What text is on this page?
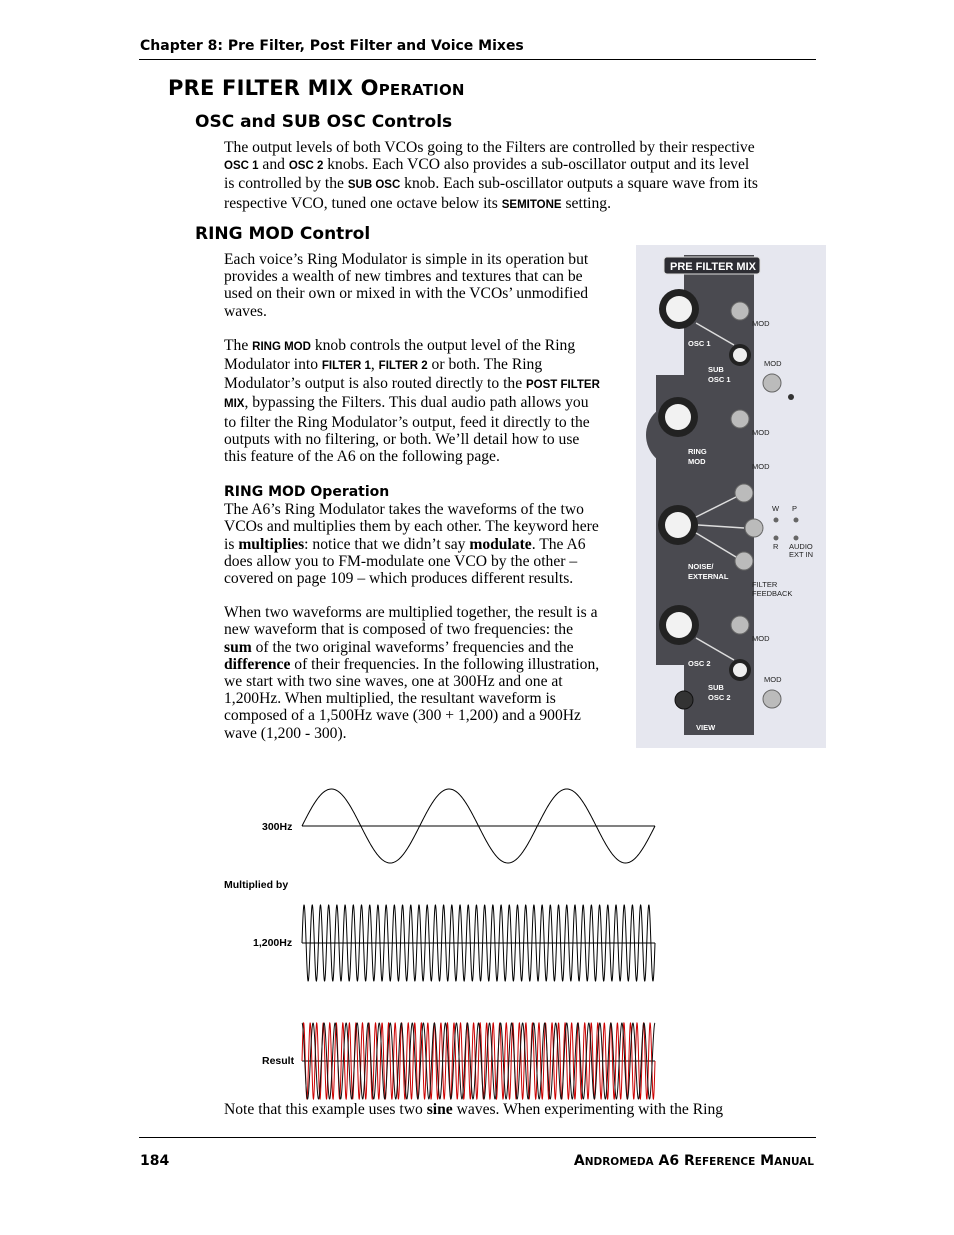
Chapter 8: Pre Filter, Post Filter and Voice Mixes
PRE FILTER MIX OPERATION
OSC and SUB OSC Controls

The output levels of both VCOs going to the Filters are controlled by their respective

OSC 1 and OSC 2 knobs. Each VCO also provides a sub-oscillator output and its level

is controlled by the SUB OSC knob. Each sub-oscillator outputs a square wave from its

respective VCO, tuned one octave below its SEMITONE setting.

RING MOD Control

Each voice’s Ring Modulator is simple in its operation but provides a wealth of new timbres and textures that can be used on their own or mixed in with the VCOs’ unmodified waves.

The RING MOD knob controls the output level of the Ring Modulator into FILTER 1, FILTER 2 or both. The Ring Modulator’s output is also routed directly to the POST FILTER MIX, bypassing the Filters. This dual audio path allows you to filter the Ring Modulator’s output, feed it directly to the outputs with no filtering, or both. We’ll detail how to use this feature of the A6 on the following page.

RING MOD Operation

The A6’s Ring Modulator takes the waveforms of the two VCOs and multiplies them by each other. The keyword here is multiplies: notice that we didn’t say modulate. The A6 does allow you to FM-modulate one VCO by the other – covered on page 109 – which produces different results.

When two waveforms are multiplied together, the result is a new waveform that is composed of two frequencies: the sum of the two original waveforms’ frequencies and the difference of their frequencies. In the following illustration, we start with two sine waves, one at 300Hz and one at 1,200Hz. When multiplied, the resultant waveform is composed of a 1,500Hz wave (300 + 1,200) and a 900Hz wave (1,200 - 300).

PRE FILTER MIX
OSC 1
SUB
OSC 1
RING
MOD
NOISE/
EXTERNAL
OSC 2
SUB
OSC 2
VIEW
MOD
MOD
MOD
MOD
W P
R AUDIO
EXT IN
FILTER
FEEDBACK
MOD
MOD
300Hz
Multiplied by
1,200Hz
Result

Note that this example uses two sine waves. When experimenting with the Ring

184	ANDROMEDA A6 REFERENCE MANUAL
